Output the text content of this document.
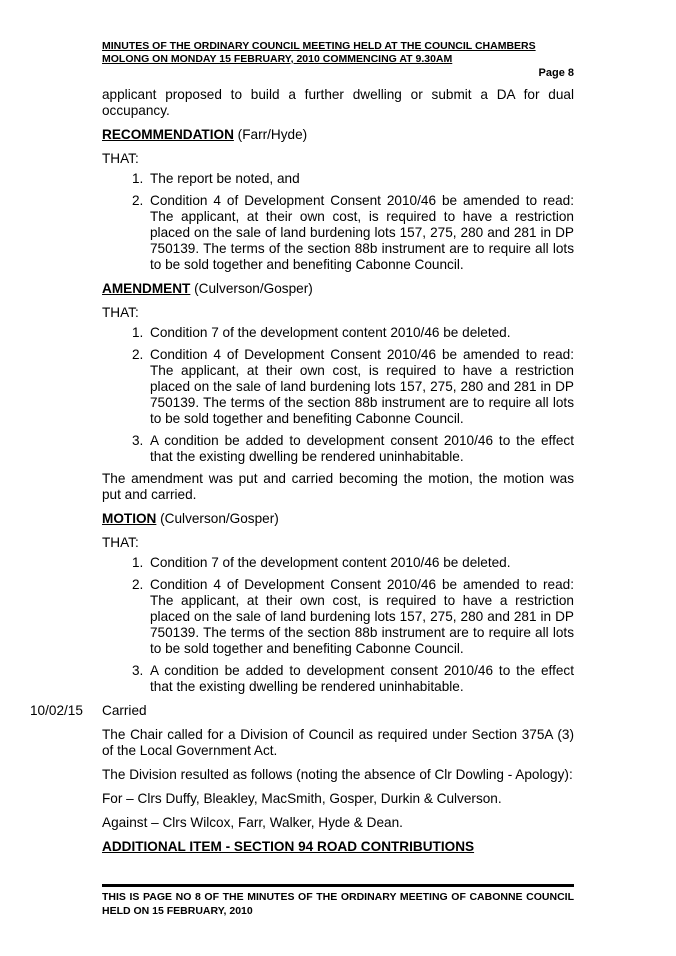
MINUTES OF THE ORDINARY COUNCIL MEETING HELD AT THE COUNCIL CHAMBERS
MOLONG ON MONDAY 15 FEBRUARY, 2010 COMMENCING AT 9.30AM
Page 8

applicant proposed to build a further dwelling or submit a DA for dual occupancy.

RECOMMENDATION (Farr/Hyde)

THAT:

1. The report be noted, and
2. Condition 4 of Development Consent 2010/46 be amended to read: The applicant, at their own cost, is required to have a restriction placed on the sale of land burdening lots 157, 275, 280 and 281 in DP 750139. The terms of the section 88b instrument are to require all lots to be sold together and benefiting Cabonne Council.

AMENDMENT (Culverson/Gosper)

THAT:

1. Condition 7 of the development content 2010/46 be deleted.
2. Condition 4 of Development Consent 2010/46 be amended to read: The applicant, at their own cost, is required to have a restriction placed on the sale of land burdening lots 157, 275, 280 and 281 in DP 750139. The terms of the section 88b instrument are to require all lots to be sold together and benefiting Cabonne Council.
3. A condition be added to development consent 2010/46 to the effect that the existing dwelling be rendered uninhabitable.

The amendment was put and carried becoming the motion, the motion was put and carried.

MOTION (Culverson/Gosper)

THAT:

1. Condition 7 of the development content 2010/46 be deleted.
2. Condition 4 of Development Consent 2010/46 be amended to read: The applicant, at their own cost, is required to have a restriction placed on the sale of land burdening lots 157, 275, 280 and 281 in DP 750139. The terms of the section 88b instrument are to require all lots to be sold together and benefiting Cabonne Council.
3. A condition be added to development consent 2010/46 to the effect that the existing dwelling be rendered uninhabitable.
10/02/15 Carried

The Chair called for a Division of Council as required under Section 375A (3) of the Local Government Act.

The Division resulted as follows (noting the absence of Clr Dowling - Apology):

For – Clrs Duffy, Bleakley, MacSmith, Gosper, Durkin & Culverson.

Against – Clrs Wilcox, Farr, Walker, Hyde & Dean.

ADDITIONAL ITEM - SECTION 94 ROAD CONTRIBUTIONS

THIS IS PAGE NO 8 OF THE MINUTES OF THE ORDINARY MEETING OF CABONNE COUNCIL HELD ON 15 FEBRUARY, 2010
